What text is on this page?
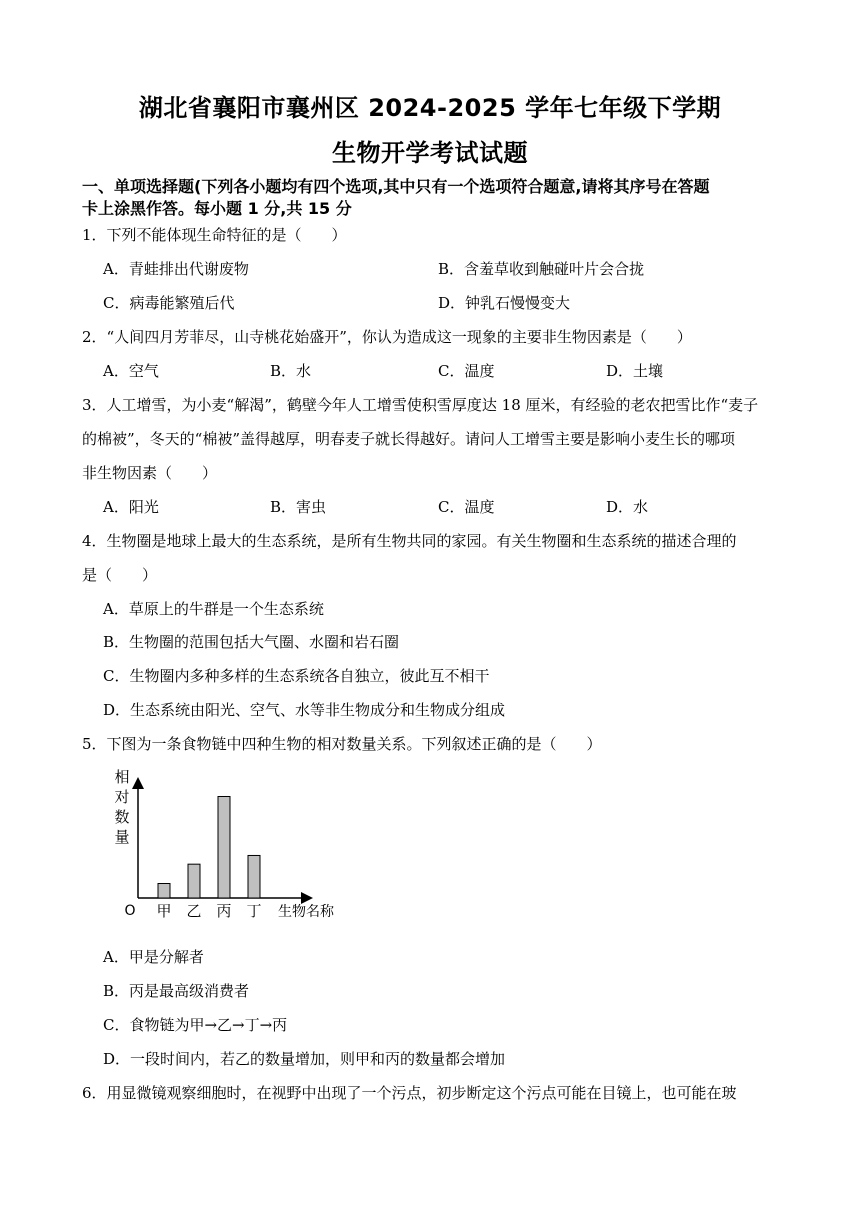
湖北省襄阳市襄州区 2024-2025 学年七年级下学期
生物开学考试试题
一、单项选择题(下列各小题均有四个选项,其中只有一个选项符合题意,请将其序号在答题
卡上涂黑作答。每小题 1 分,共 15 分
1．下列不能体现生命特征的是（　　）
A．青蛙排出代谢废物	B．含羞草收到触碰叶片会合拢
C．病毒能繁殖后代	D．钟乳石慢慢变大
2．“人间四月芳菲尽，山寺桃花始盛开”，你认为造成这一现象的主要非生物因素是（　　）
A．空气	B．水	C．温度	D．土壤
3．人工增雪，为小麦“解渴”，鹤壁今年人工增雪使积雪厚度达 18 厘米，有经验的老农把雪比作“麦子
的棉被”，冬天的“棉被”盖得越厚，明春麦子就长得越好。请问人工增雪主要是影响小麦生长的哪项
非生物因素（　　）
A．阳光	B．害虫	C．温度	D．水
4．生物圈是地球上最大的生态系统，是所有生物共同的家园。有关生物圈和生态系统的描述合理的
是（　　）
A．草原上的牛群是一个生态系统
B．生物圈的范围包括大气圈、水圈和岩石圈
C．生物圈内多种多样的生态系统各自独立，彼此互不相干
D．生态系统由阳光、空气、水等非生物成分和生物成分组成
5．下图为一条食物链中四种生物的相对数量关系。下列叙述正确的是（　　）
相
对
数
量
甲 乙 丙 丁
O	生物名称
A．甲是分解者
B．丙是最高级消费者
C．食物链为甲→乙→丁→丙
D．一段时间内，若乙的数量增加，则甲和丙的数量都会增加
6．用显微镜观察细胞时，在视野中出现了一个污点，初步断定这个污点可能在目镜上，也可能在玻
